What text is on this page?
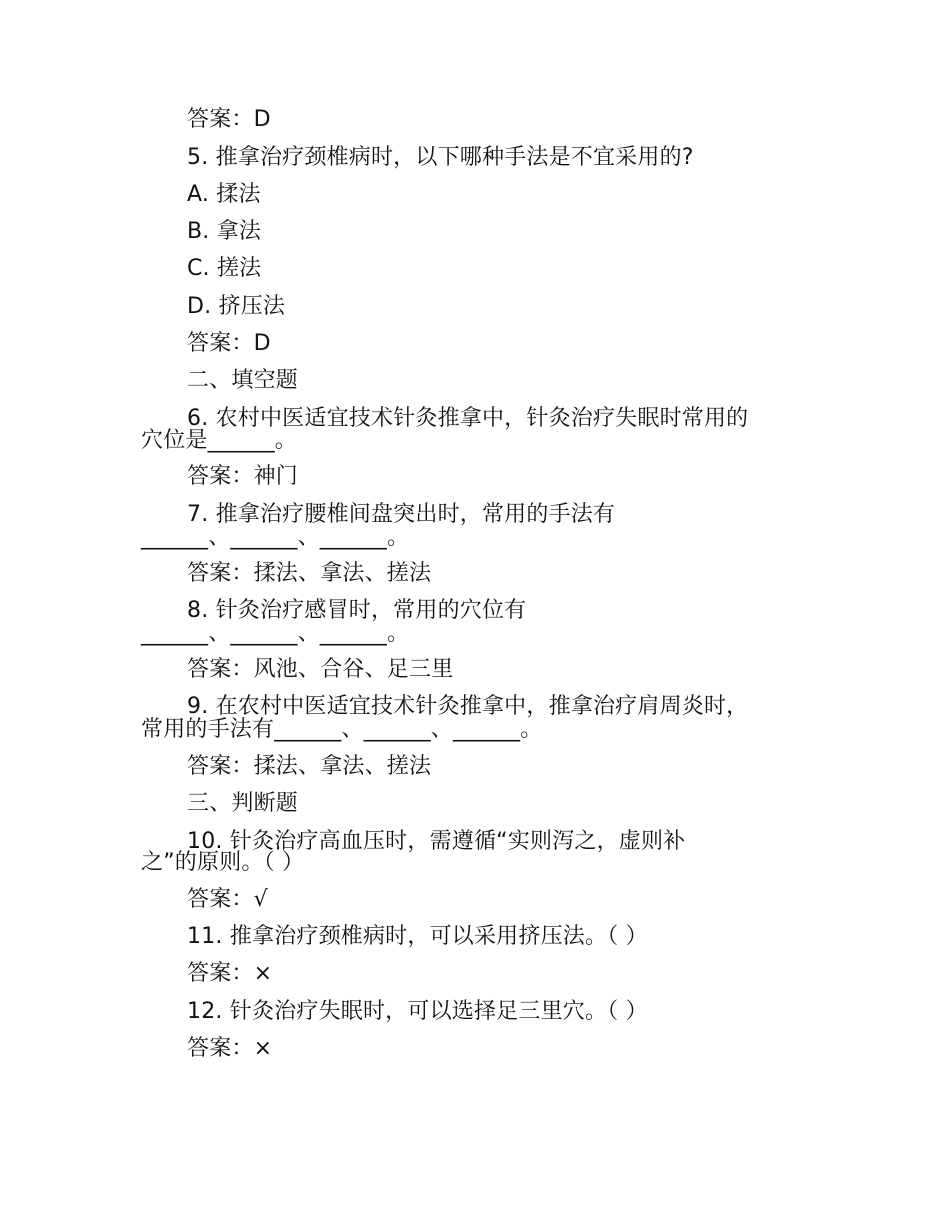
答案：D
5. 推拿治疗颈椎病时，以下哪种手法是不宜采用的?
A. 揉法
B. 拿法
C. 搓法
D. 挤压法
答案：D
二、填空题
6. 农村中医适宜技术针灸推拿中，针灸治疗失眠时常用的
穴位是______。
答案：神门
7. 推拿治疗腰椎间盘突出时，常用的手法有
______、______、______。
答案：揉法、拿法、搓法
8. 针灸治疗感冒时，常用的穴位有
______、______、______。
答案：风池、合谷、足三里
9. 在农村中医适宜技术针灸推拿中，推拿治疗肩周炎时，
常用的手法有______、______、______。
答案：揉法、拿法、搓法
三、判断题
10. 针灸治疗高血压时，需遵循“实则泻之，虚则补
之”的原则。（ ）
答案：√
11. 推拿治疗颈椎病时，可以采用挤压法。（ ）
答案：×
12. 针灸治疗失眠时，可以选择足三里穴。（ ）
答案：×
